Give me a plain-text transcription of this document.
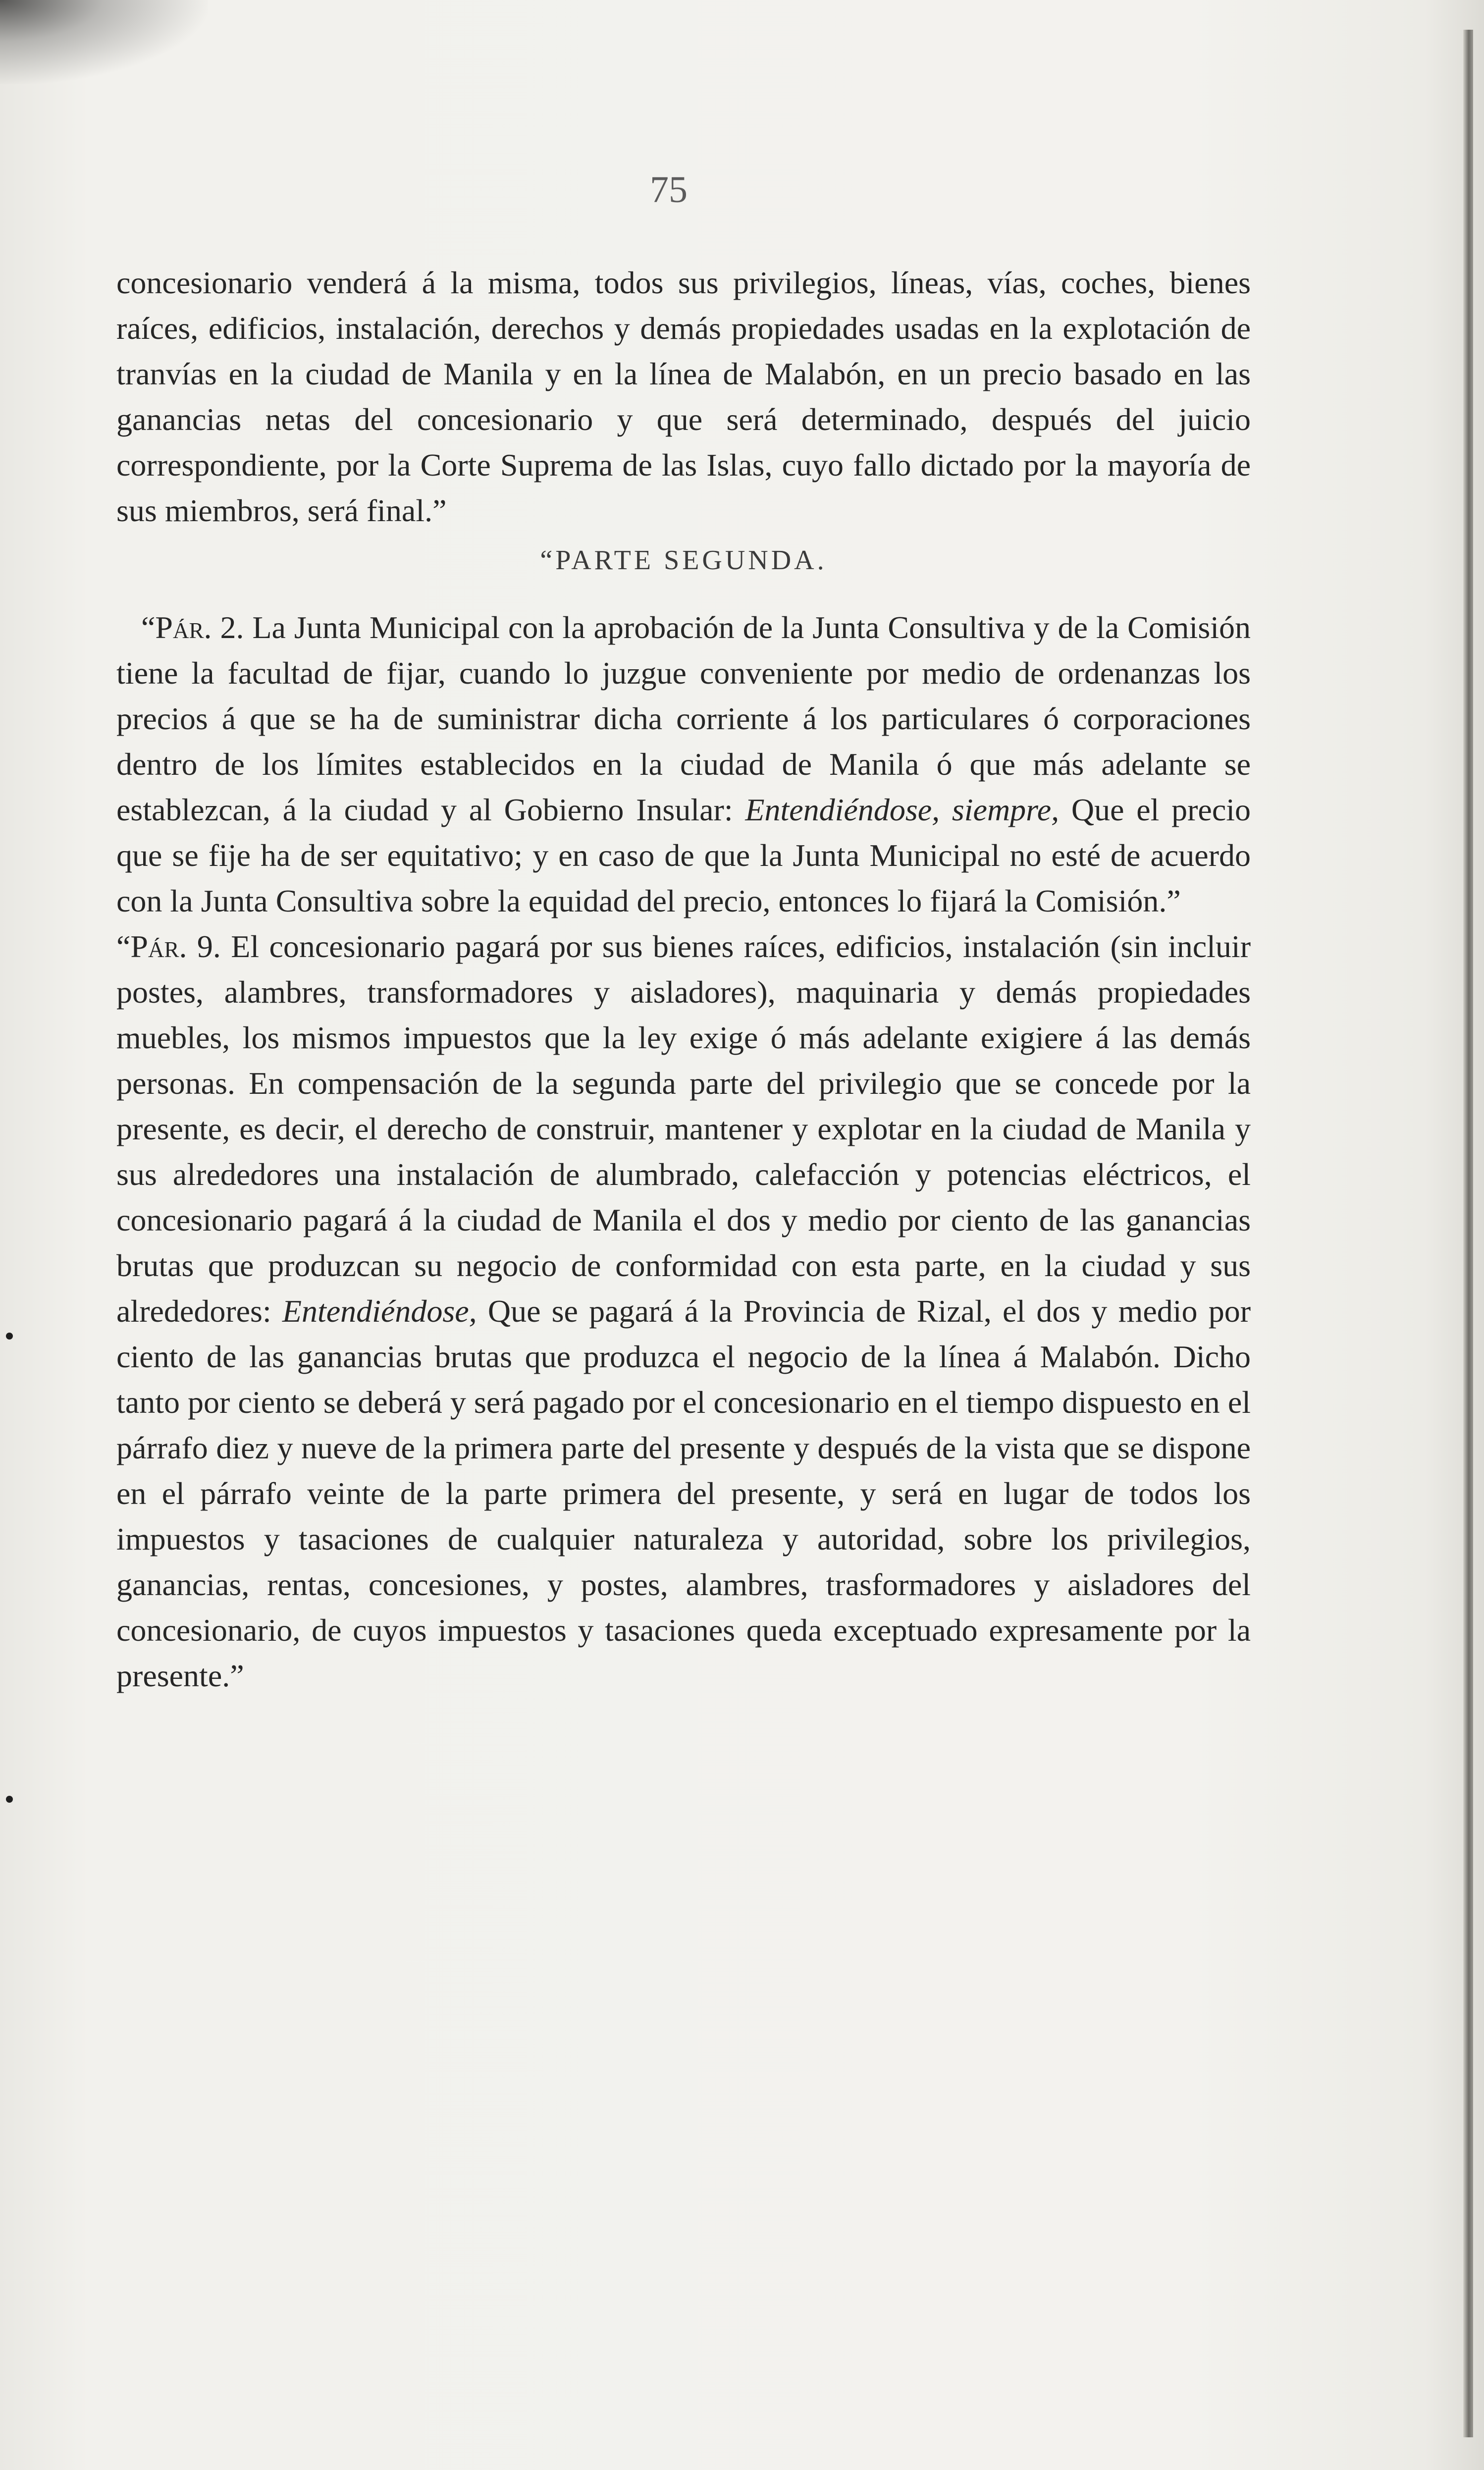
75

concesionario venderá á la misma, todos sus privilegios, líneas, vías, coches, bienes raíces, edificios, instalación, derechos y demás propiedades usadas en la explotación de tranvías en la ciudad de Manila y en la línea de Malabón, en un precio basado en las ganancias netas del concesionario y que será determinado, después del juicio correspondiente, por la Corte Suprema de las Islas, cuyo fallo dictado por la mayoría de sus miembros, será final.”

“PARTE SEGUNDA.

“Pár. 2. La Junta Municipal con la aprobación de la Junta Consultiva y de la Comisión tiene la facultad de fijar, cuando lo juzgue conveniente por medio de ordenanzas los precios á que se ha de suministrar dicha corriente á los particulares ó corporaciones dentro de los límites establecidos en la ciudad de Manila ó que más adelante se establezcan, á la ciudad y al Gobierno Insular: Entendiéndose, siempre, Que el precio que se fije ha de ser equitativo; y en caso de que la Junta Municipal no esté de acuerdo con la Junta Consultiva sobre la equidad del precio, entonces lo fijará la Comisión.”

“Pár. 9. El concesionario pagará por sus bienes raíces, edificios, instalación (sin incluir postes, alambres, transformadores y aisladores), maquinaria y demás propiedades muebles, los mismos impuestos que la ley exige ó más adelante exigiere á las demás personas. En compensación de la segunda parte del privilegio que se concede por la presente, es decir, el derecho de construir, mantener y explotar en la ciudad de Manila y sus alrededores una instalación de alumbrado, calefacción y potencias eléctricos, el concesionario pagará á la ciudad de Manila el dos y medio por ciento de las ganancias brutas que produzcan su negocio de conformidad con esta parte, en la ciudad y sus alrededores: Entendiéndose, Que se pagará á la Provincia de Rizal, el dos y medio por ciento de las ganancias brutas que produzca el negocio de la línea á Malabón. Dicho tanto por ciento se deberá y será pagado por el concesionario en el tiempo dispuesto en el párrafo diez y nueve de la primera parte del presente y después de la vista que se dispone en el párrafo veinte de la parte primera del presente, y será en lugar de todos los impuestos y tasaciones de cualquier naturaleza y autoridad, sobre los privilegios, ganancias, rentas, concesiones, y postes, alambres, trasformadores y aisladores del concesionario, de cuyos impuestos y tasaciones queda exceptuado expresamente por la presente.”
